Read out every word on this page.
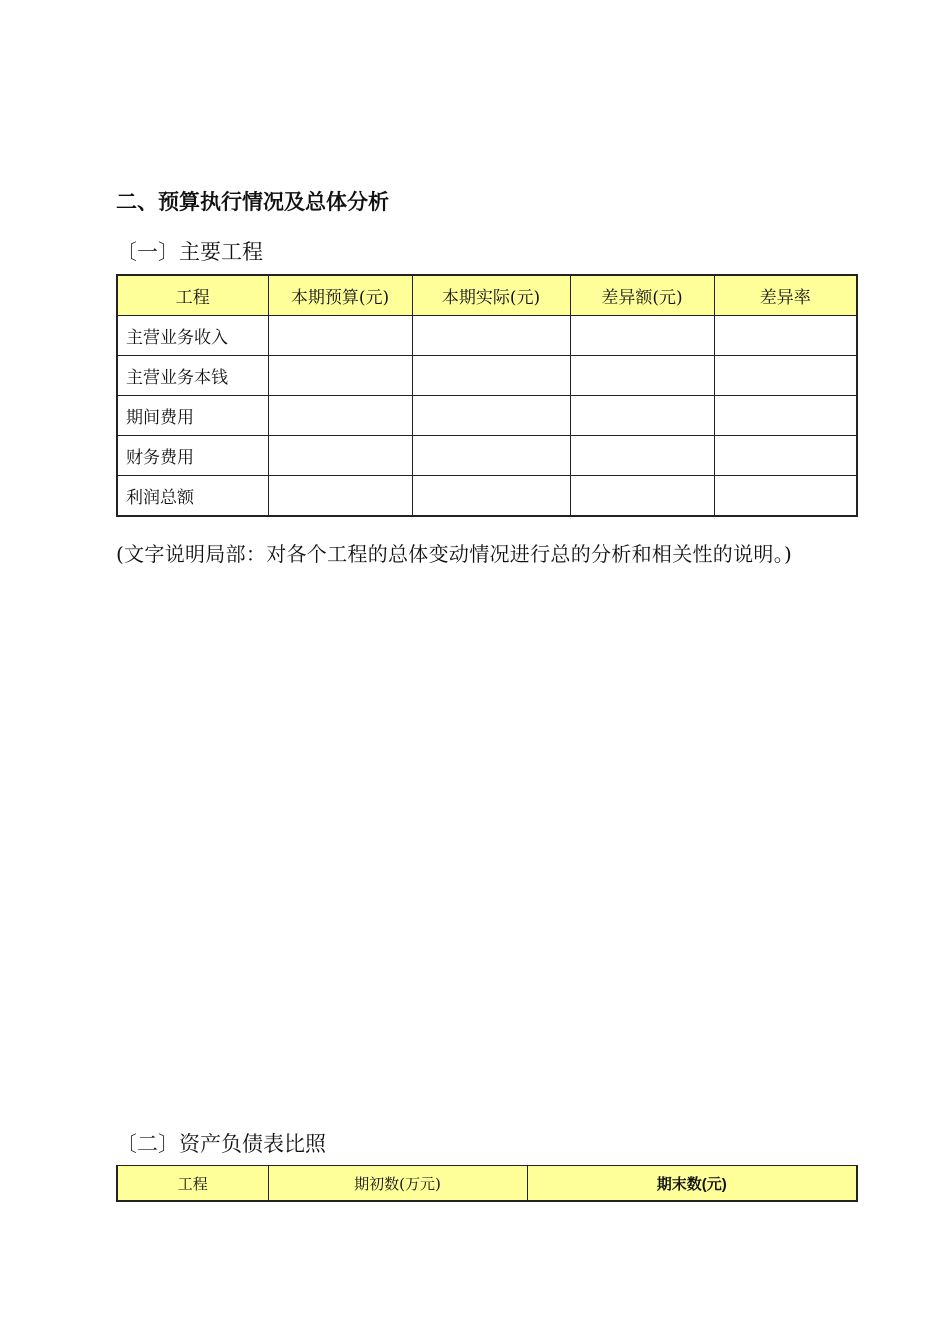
二、预算执行情况及总体分析
〔一〕主要工程
工程	本期预算(元)	本期实际(元)	差异额(元)	差异率
主营业务收入				
主营业务本钱				
期间费用				
财务费用				
利润总额				
(文字说明局部：对各个工程的总体变动情况进行总的分析和相关性的说明。)
〔二〕资产负债表比照
工程	期初数(万元)	期末数(元)
